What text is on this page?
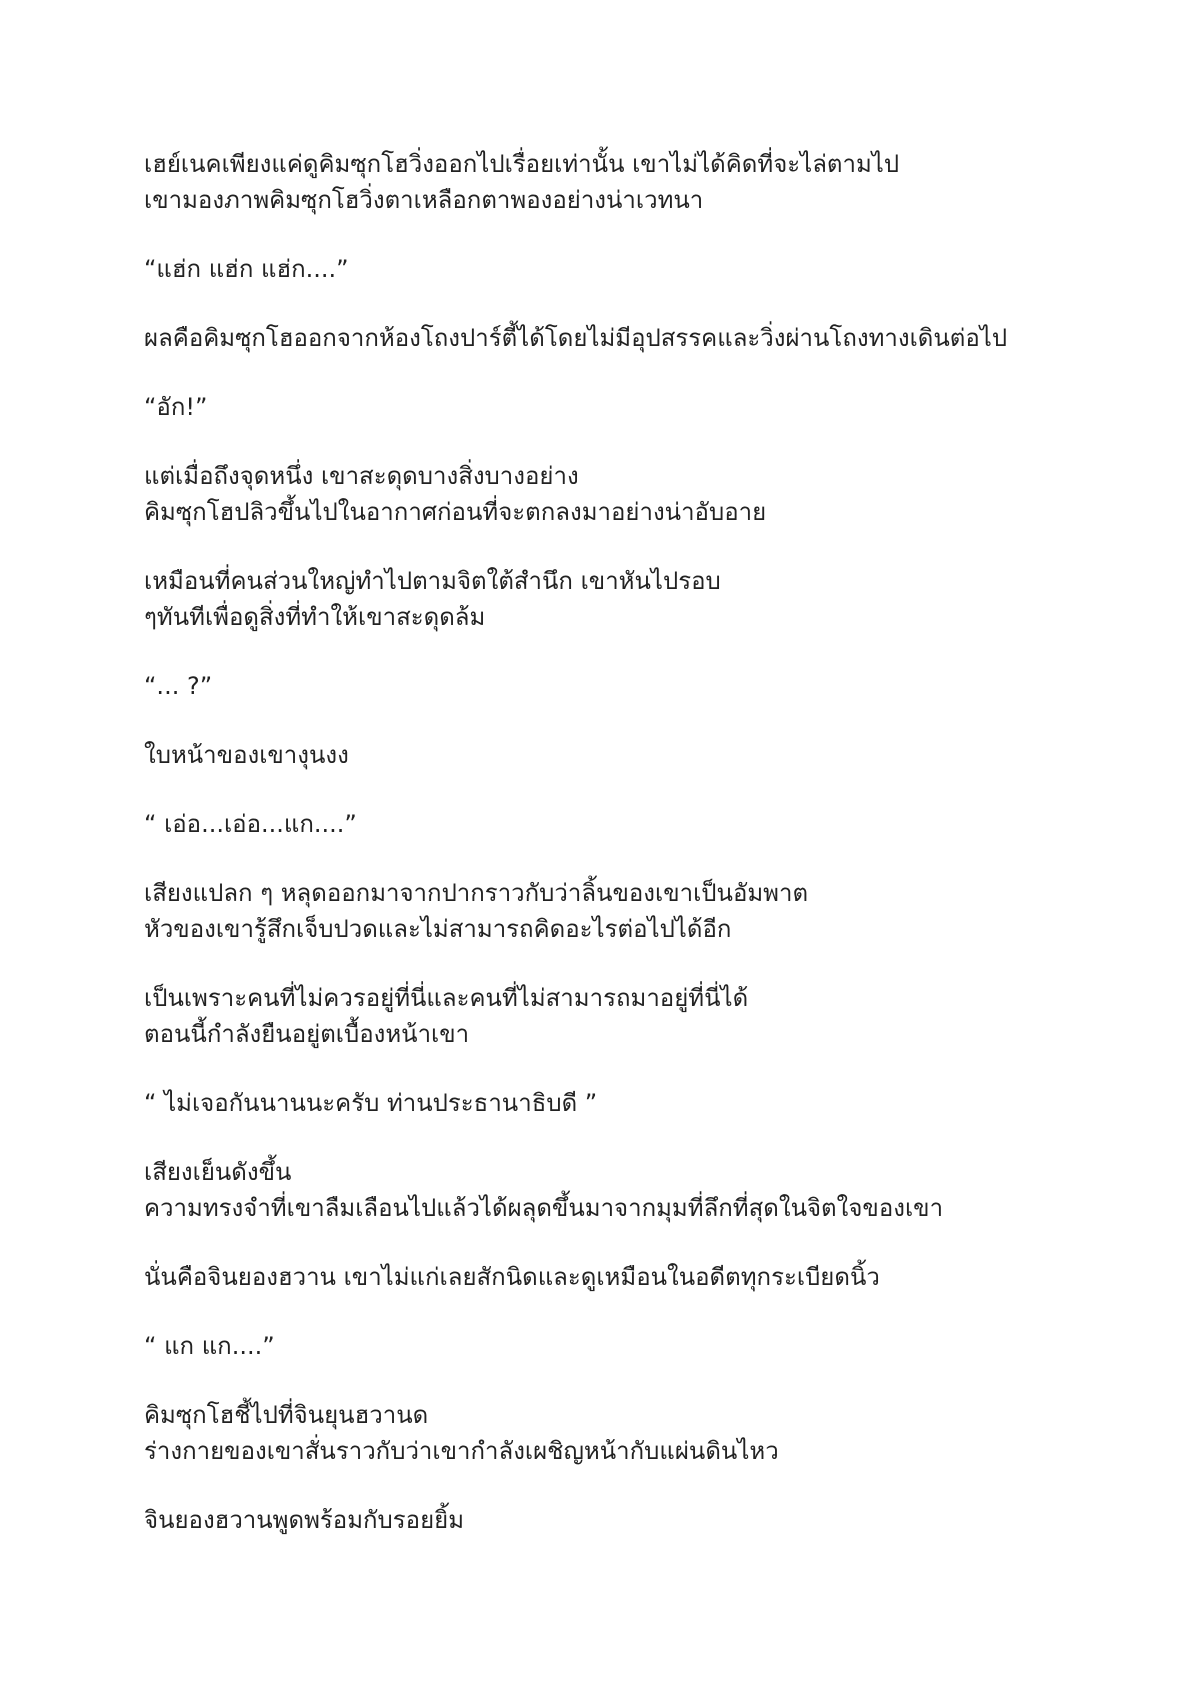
เฮย์เนคเพียงแค่ดูคิมซุกโฮวิ่งออกไปเรื่อยเท่านั้น เขาไม่ได้คิดที่จะไล่ตามไป
เขามองภาพคิมซุกโฮวิ่งตาเหลือกตาพองอย่างน่าเวทนา

“แฮ่ก แฮ่ก แฮ่ก....”

ผลคือคิมซุกโฮออกจากห้องโถงปาร์ตี้ได้โดยไม่มีอุปสรรคและวิ่งผ่านโถงทางเดินต่อไป

“อัก!”

แต่เมื่อถึงจุดหนึ่ง เขาสะดุดบางสิ่งบางอย่าง
คิมซุกโฮปลิวขึ้นไปในอากาศก่อนที่จะตกลงมาอย่างน่าอับอาย

เหมือนที่คนส่วนใหญ่ทำไปตามจิตใต้สำนึก เขาหันไปรอบ
ๆทันทีเพื่อดูสิ่งที่ทำให้เขาสะดุดล้ม

“... ?”

ใบหน้าของเขางุนงง

“ เอ่อ...เอ่อ...แก....”

เสียงแปลก ๆ หลุดออกมาจากปากราวกับว่าลิ้นของเขาเป็นอัมพาต
หัวของเขารู้สึกเจ็บปวดและไม่สามารถคิดอะไรต่อไปได้อีก

เป็นเพราะคนที่ไม่ควรอยู่ที่นี่และคนที่ไม่สามารถมาอยู่ที่นี่ได้
ตอนนี้กำลังยืนอยู่ตเบื้องหน้าเขา

“ ไม่เจอกันนานนะครับ ท่านประธานาธิบดี ”

เสียงเย็นดังขึ้น
ความทรงจำที่เขาลืมเลือนไปแล้วได้ผลุดขึ้นมาจากมุมที่ลึกที่สุดในจิตใจของเขา

นั่นคือจินยองฮวาน เขาไม่แก่เลยสักนิดและดูเหมือนในอดีตทุกระเบียดนิ้ว

“ แก แก....”

คิมซุกโฮชี้ไปที่จินยุนฮวานด
ร่างกายของเขาสั่นราวกับว่าเขากำลังเผชิญหน้ากับแผ่นดินไหว

จินยองฮวานพูดพร้อมกับรอยยิ้ม
